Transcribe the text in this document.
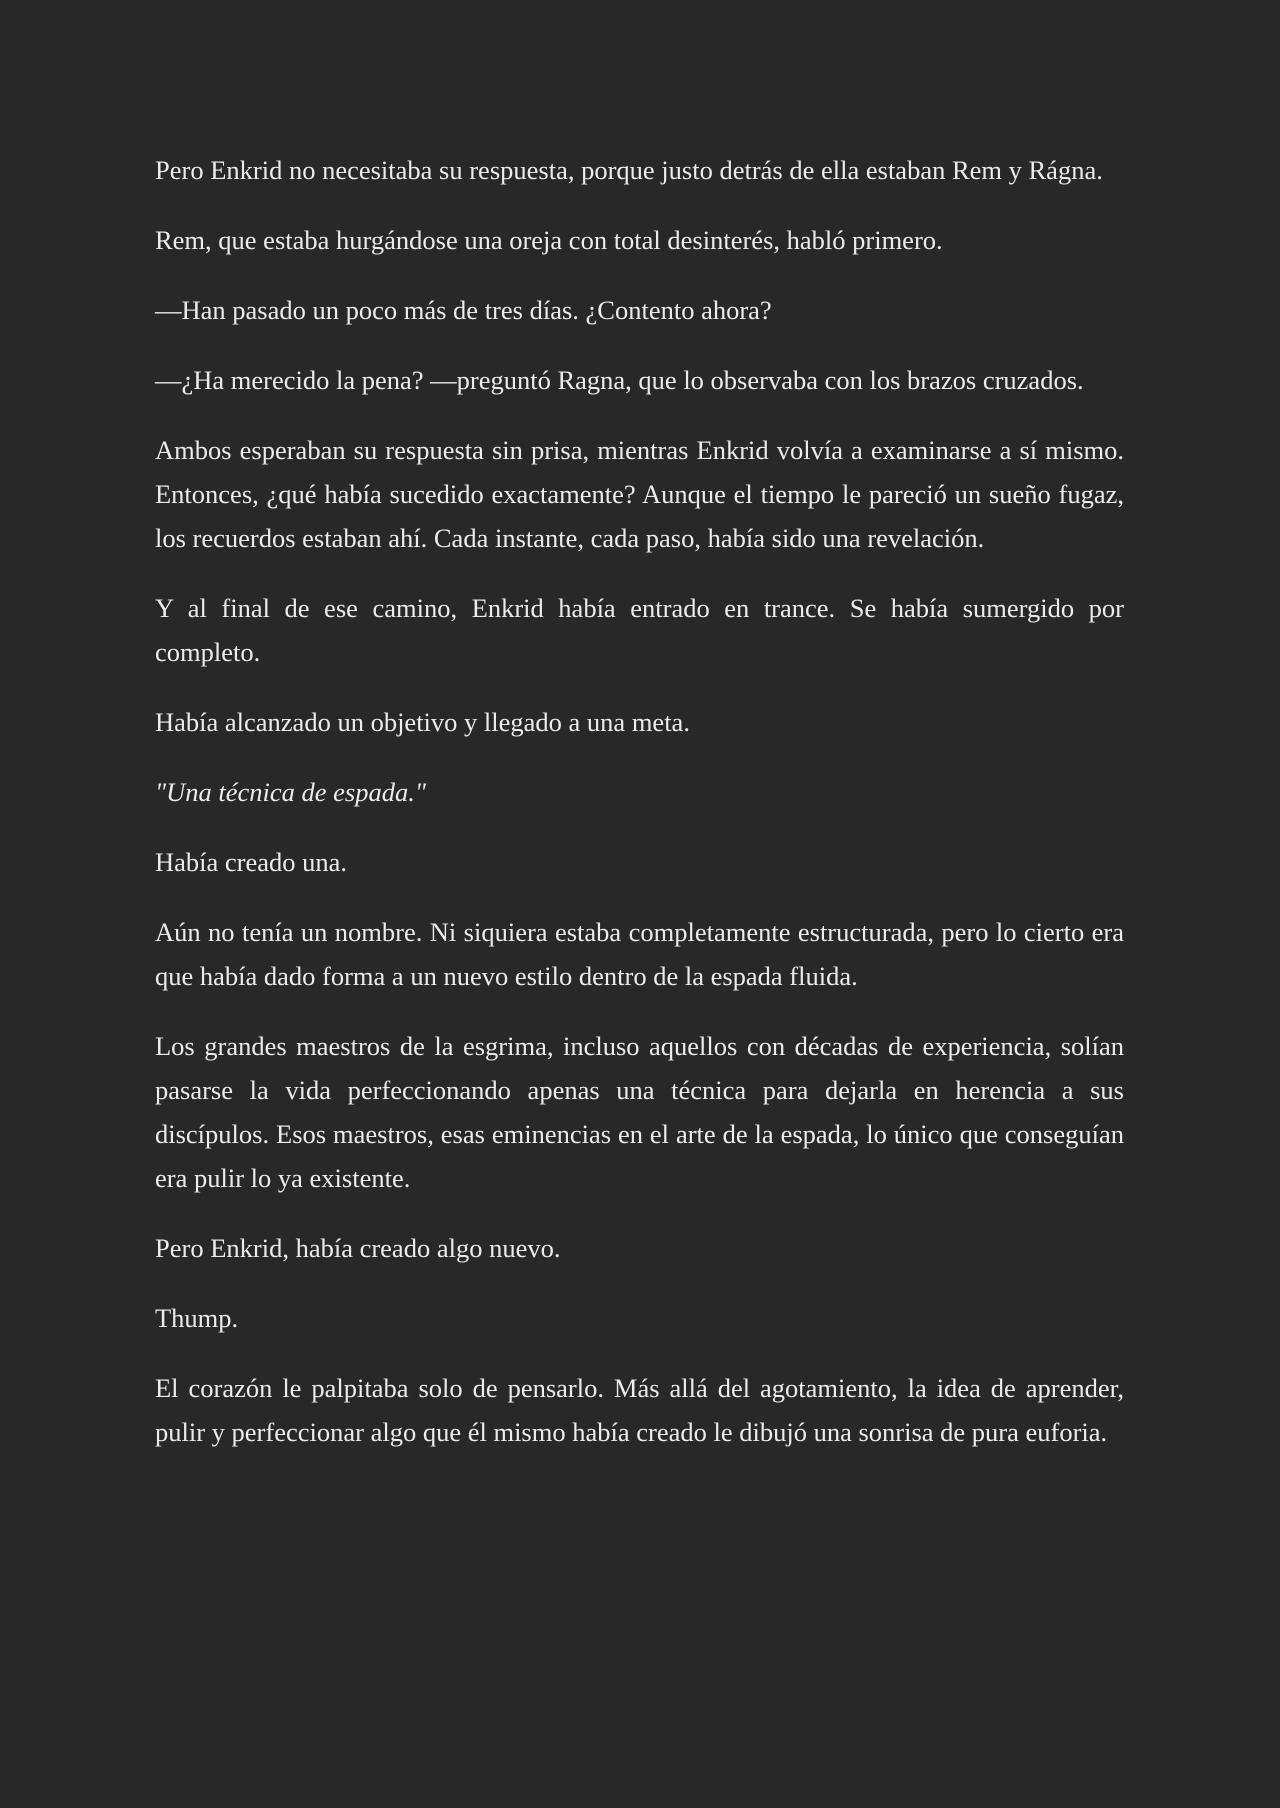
Pero Enkrid no necesitaba su respuesta, porque justo detrás de ella estaban Rem y Rágna.

Rem, que estaba hurgándose una oreja con total desinterés, habló primero.

—Han pasado un poco más de tres días. ¿Contento ahora?

—¿Ha merecido la pena? —preguntó Ragna, que lo observaba con los brazos cruzados.

Ambos esperaban su respuesta sin prisa, mientras Enkrid volvía a examinarse a sí mismo. Entonces, ¿qué había sucedido exactamente? Aunque el tiempo le pareció un sueño fugaz, los recuerdos estaban ahí. Cada instante, cada paso, había sido una revelación.

Y al final de ese camino, Enkrid había entrado en trance. Se había sumergido por completo.

Había alcanzado un objetivo y llegado a una meta.

"Una técnica de espada."

Había creado una.

Aún no tenía un nombre. Ni siquiera estaba completamente estructurada, pero lo cierto era que había dado forma a un nuevo estilo dentro de la espada fluida.

Los grandes maestros de la esgrima, incluso aquellos con décadas de experiencia, solían pasarse la vida perfeccionando apenas una técnica para dejarla en herencia a sus discípulos. Esos maestros, esas eminencias en el arte de la espada, lo único que conseguían era pulir lo ya existente.

Pero Enkrid, había creado algo nuevo.

Thump.

El corazón le palpitaba solo de pensarlo. Más allá del agotamiento, la idea de aprender, pulir y perfeccionar algo que él mismo había creado le dibujó una sonrisa de pura euforia.
